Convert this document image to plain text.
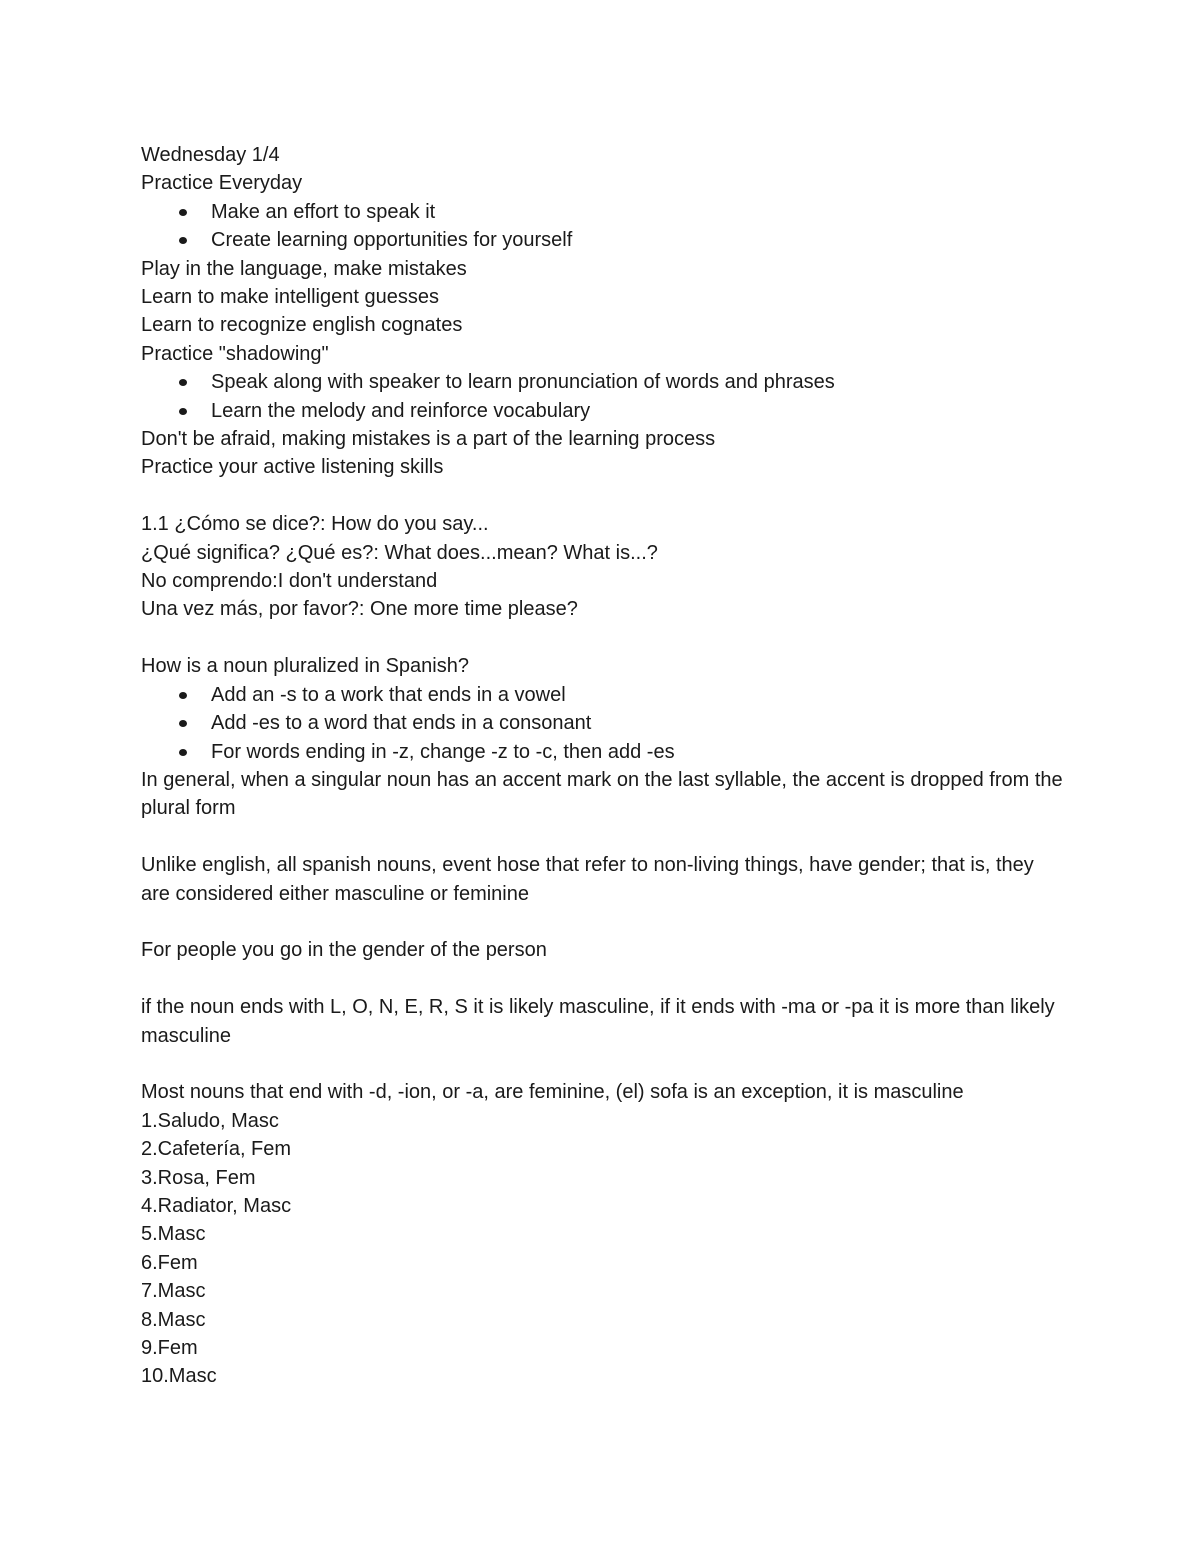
Wednesday 1/4

Practice Everyday

Make an effort to speak it
Create learning opportunities for yourself

Play in the language, make mistakes

Learn to make intelligent guesses

Learn to recognize english cognates

Practice "shadowing"

Speak along with speaker to learn pronunciation of words and phrases
Learn the melody and reinforce vocabulary

Don't be afraid, making mistakes is a part of the learning process

Practice your active listening skills

1.1 ¿Cómo se dice?: How do you say...

¿Qué significa? ¿Qué es?: What does...mean? What is...?

No comprendo:I don't understand

Una vez más, por favor?: One more time please?

How is a noun pluralized in Spanish?

Add an -s to a work that ends in a vowel
Add -es to a word that ends in a consonant
For words ending in -z, change -z to -c, then add -es

In general, when a singular noun has an accent mark on the last syllable, the accent is dropped from the plural form

Unlike english, all spanish nouns, event hose that refer to non-living things, have gender; that is, they are considered either masculine or feminine

For people you go in the gender of the person

if the noun ends with L, O, N, E, R, S it is likely masculine, if it ends with -ma or -pa it is more than likely masculine

Most nouns that end with -d, -ion, or -a, are feminine, (el) sofa is an exception, it is masculine

1.Saludo, Masc

2.Cafetería, Fem

3.Rosa, Fem

4.Radiator, Masc

5.Masc

6.Fem

7.Masc

8.Masc

9.Fem

10.Masc
